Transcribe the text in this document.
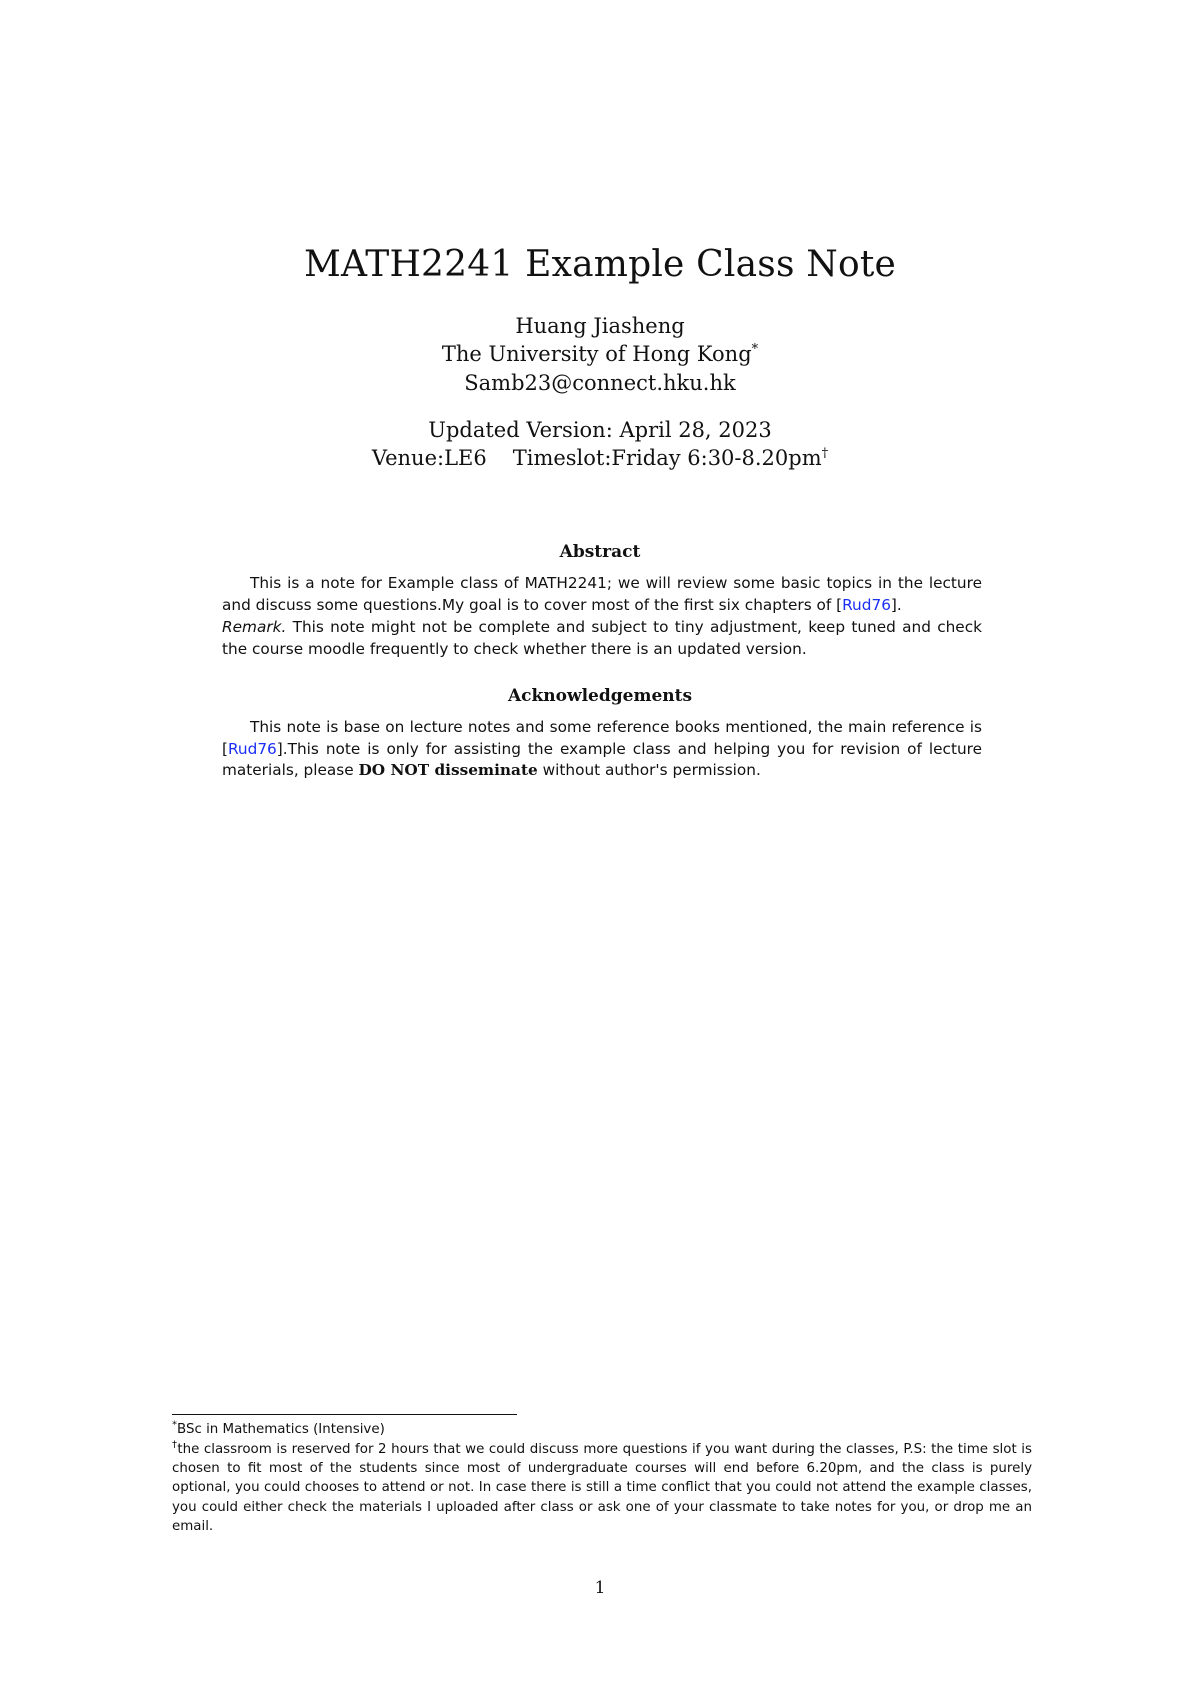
MATH2241 Example Class Note
Huang Jiasheng
The University of Hong Kong*
Samb23@connect.hku.hk
Updated Version: April 28, 2023
Venue:LE6 Timeslot:Friday 6:30-8.20pm†
Abstract
This is a note for Example class of MATH2241; we will review some basic topics in the lecture and discuss some questions.My goal is to cover most of the first six chapters of [Rud76].
Remark. This note might not be complete and subject to tiny adjustment, keep tuned and check the course moodle frequently to check whether there is an updated version.
Acknowledgements
This note is base on lecture notes and some reference books mentioned, the main reference is [Rud76].This note is only for assisting the example class and helping you for revision of lecture materials, please DO NOT disseminate without author's permission.
*BSc in Mathematics (Intensive)
†the classroom is reserved for 2 hours that we could discuss more questions if you want during the classes, P.S: the time slot is chosen to fit most of the students since most of undergraduate courses will end before 6.20pm, and the class is purely optional, you could chooses to attend or not. In case there is still a time conflict that you could not attend the example classes, you could either check the materials I uploaded after class or ask one of your classmate to take notes for you, or drop me an email.
1
